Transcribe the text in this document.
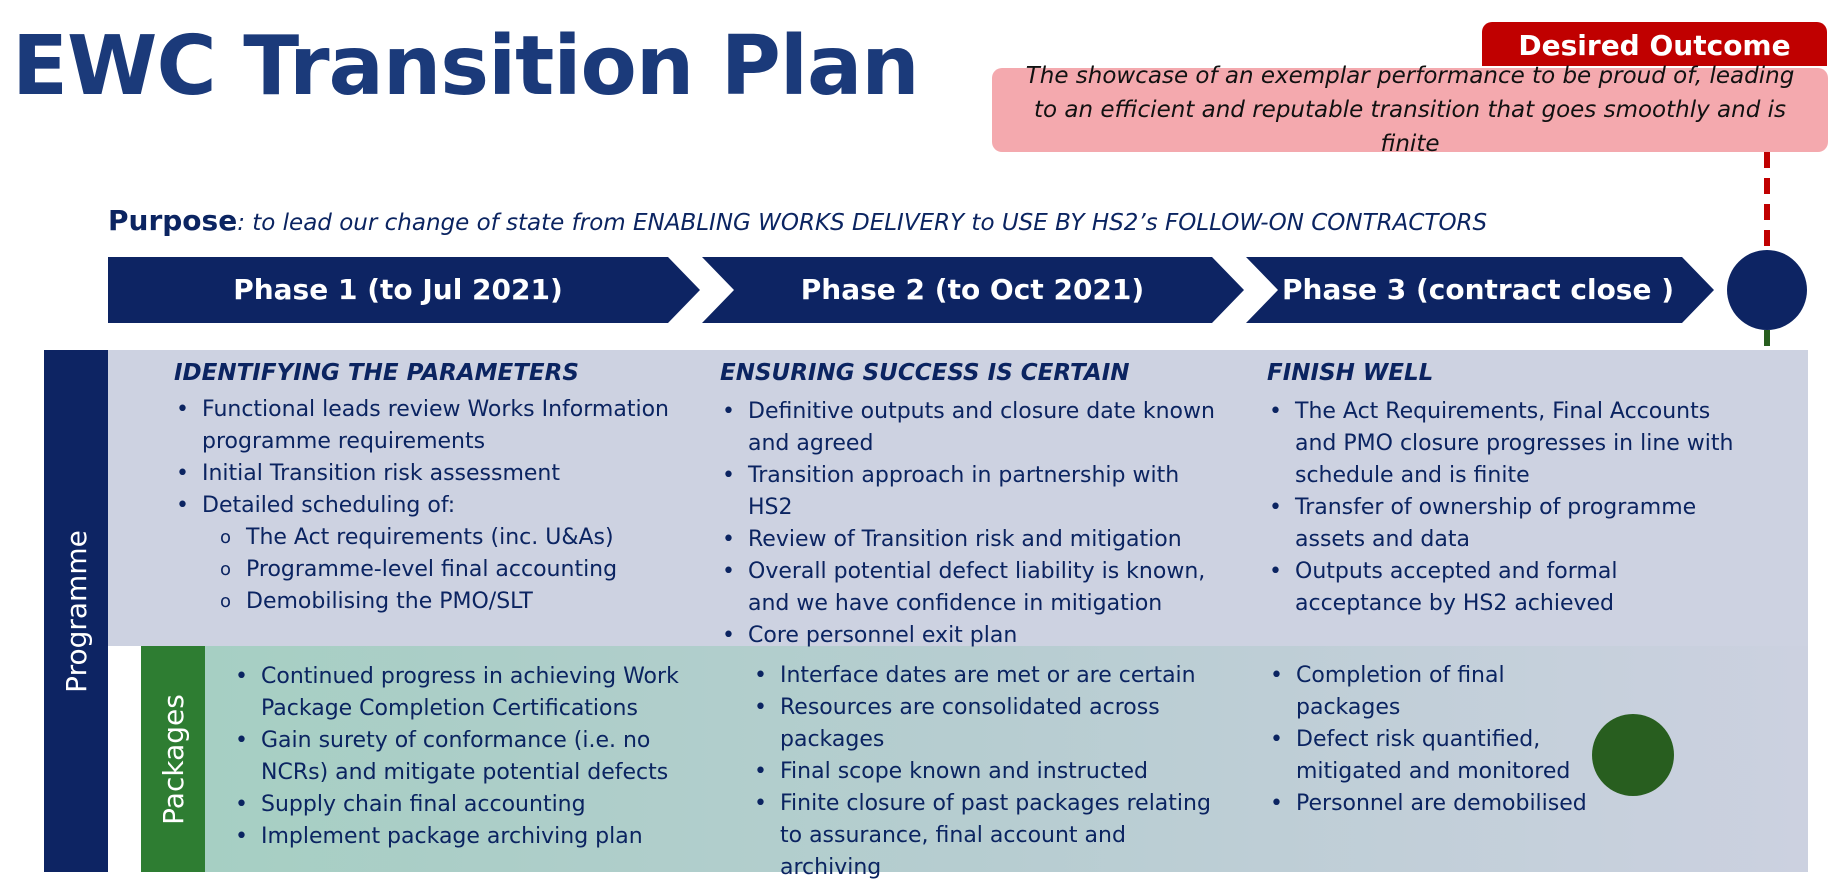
EWC Transition Plan	Desired Outcome
The showcase of an exemplar performance to be proud of, leading to an efficient and reputable transition that goes smoothly and is finite
Purpose: to lead our change of state from ENABLING WORKS DELIVERY to USE BY HS2’s FOLLOW-ON CONTRACTORS
Phase 1 (to Jul 2021)	Phase 2 (to Oct 2021)	Phase 3 (contract close )
Programme
Packages
IDENTIFYING THE PARAMETERS
• Functional leads review Works Information programme requirements
• Initial Transition risk assessment
• Detailed scheduling of:
o The Act requirements (inc. U&As)
o Programme-level final accounting
o Demobilising the PMO/SLT
ENSURING SUCCESS IS CERTAIN
• Definitive outputs and closure date known and agreed
• Transition approach in partnership with HS2
• Review of Transition risk and mitigation
• Overall potential defect liability is known, and we have confidence in mitigation
• Core personnel exit plan
FINISH WELL
• The Act Requirements, Final Accounts and PMO closure progresses in line with schedule and is finite
• Transfer of ownership of programme assets and data
• Outputs accepted and formal acceptance by HS2 achieved
• Continued progress in achieving Work Package Completion Certifications
• Gain surety of conformance (i.e. no NCRs) and mitigate potential defects
• Supply chain final accounting
• Implement package archiving plan
• Interface dates are met or are certain
• Resources are consolidated across packages
• Final scope known and instructed
• Finite closure of past packages relating to assurance, final account and archiving
• Completion of final packages
• Defect risk quantified, mitigated and monitored
• Personnel are demobilised
